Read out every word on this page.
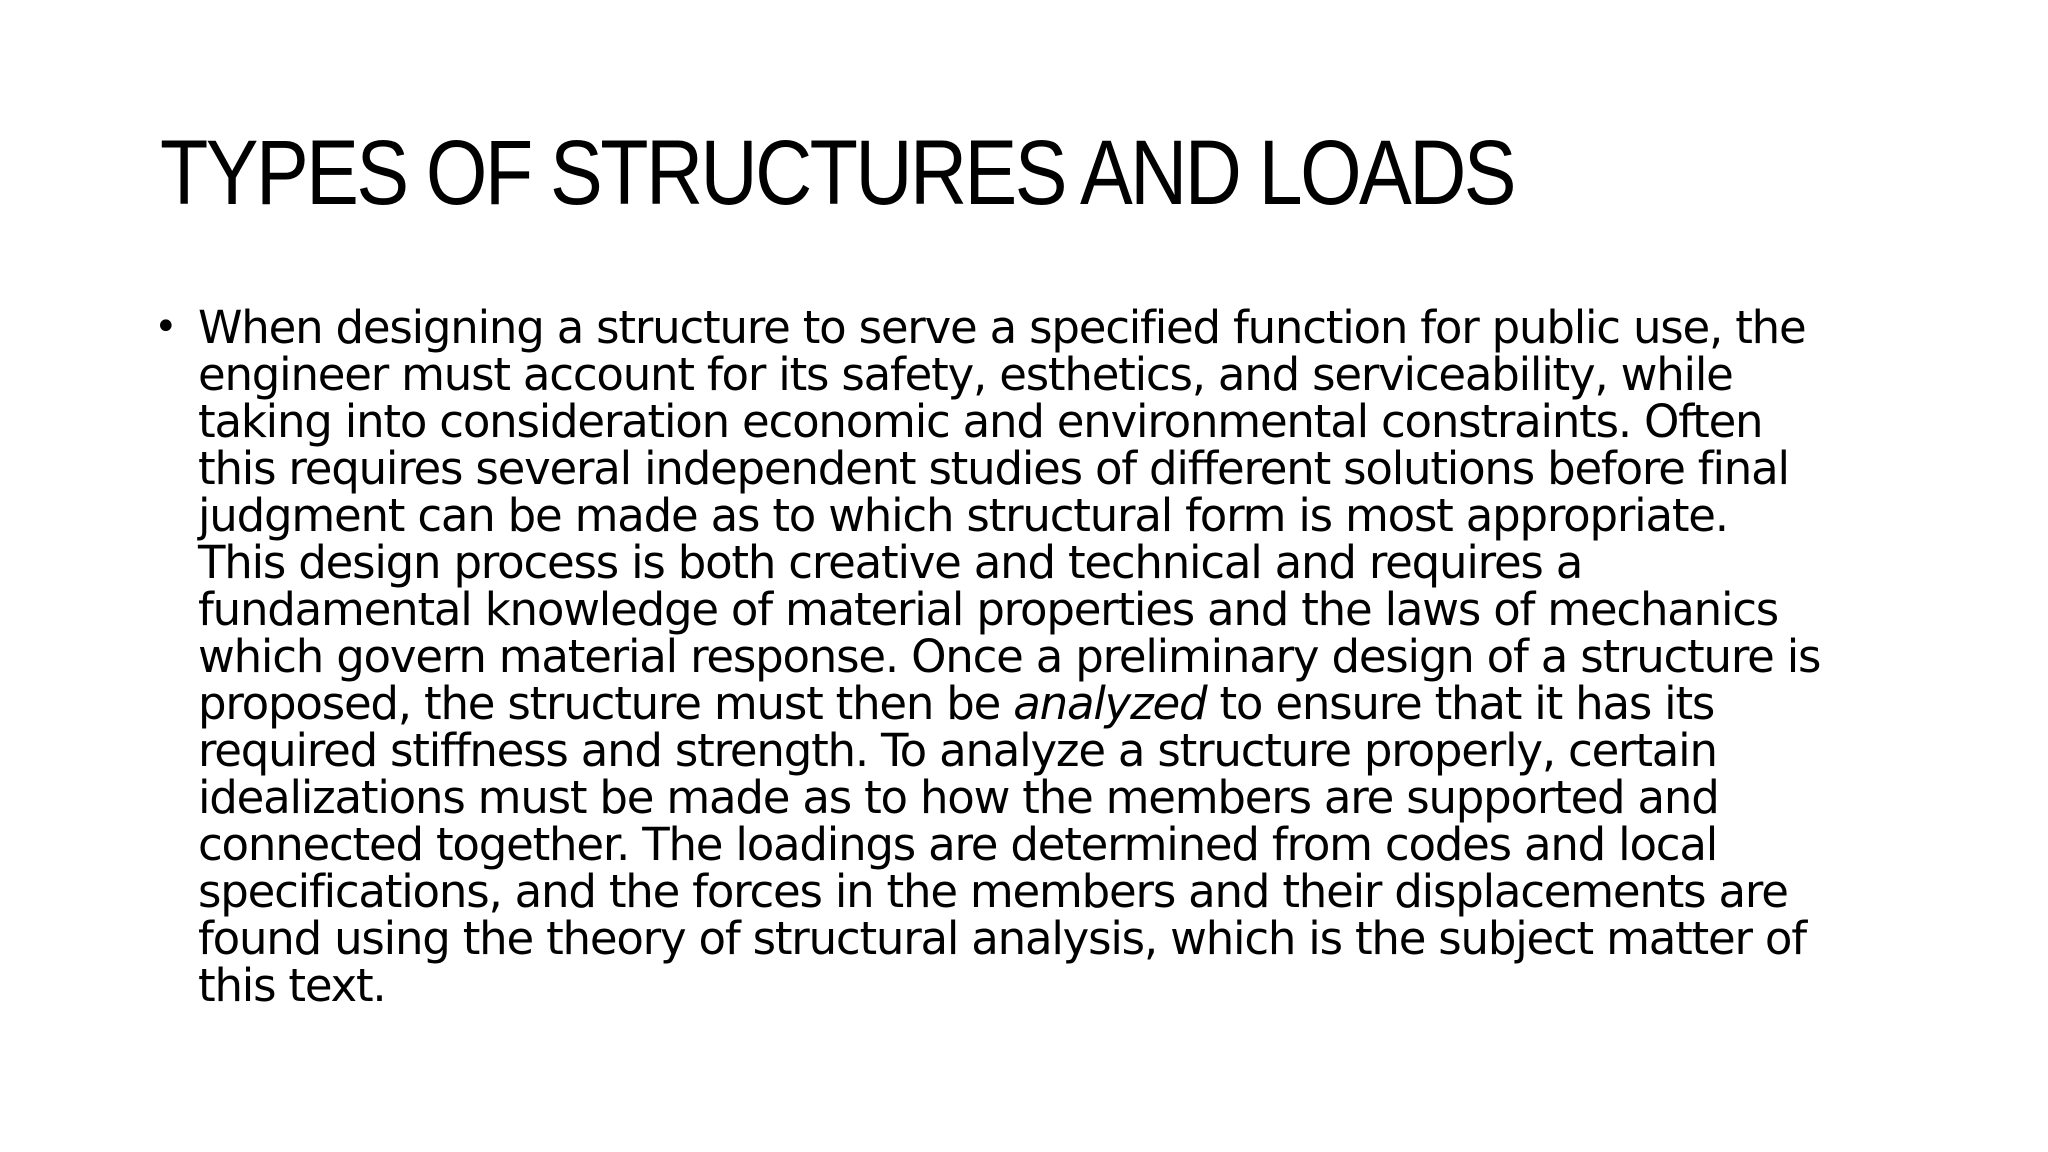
TYPES OF STRUCTURES AND LOADS
• When designing a structure to serve a specified function for public use, the
engineer must account for its safety, esthetics, and serviceability, while
taking into consideration economic and environmental constraints. Often
this requires several independent studies of different solutions before final
judgment can be made as to which structural form is most appropriate.
This design process is both creative and technical and requires a
fundamental knowledge of material properties and the laws of mechanics
which govern material response. Once a preliminary design of a structure is
proposed, the structure must then be analyzed to ensure that it has its
required stiffness and strength. To analyze a structure properly, certain
idealizations must be made as to how the members are supported and
connected together. The loadings are determined from codes and local
specifications, and the forces in the members and their displacements are
found using the theory of structural analysis, which is the subject matter of
this text.
